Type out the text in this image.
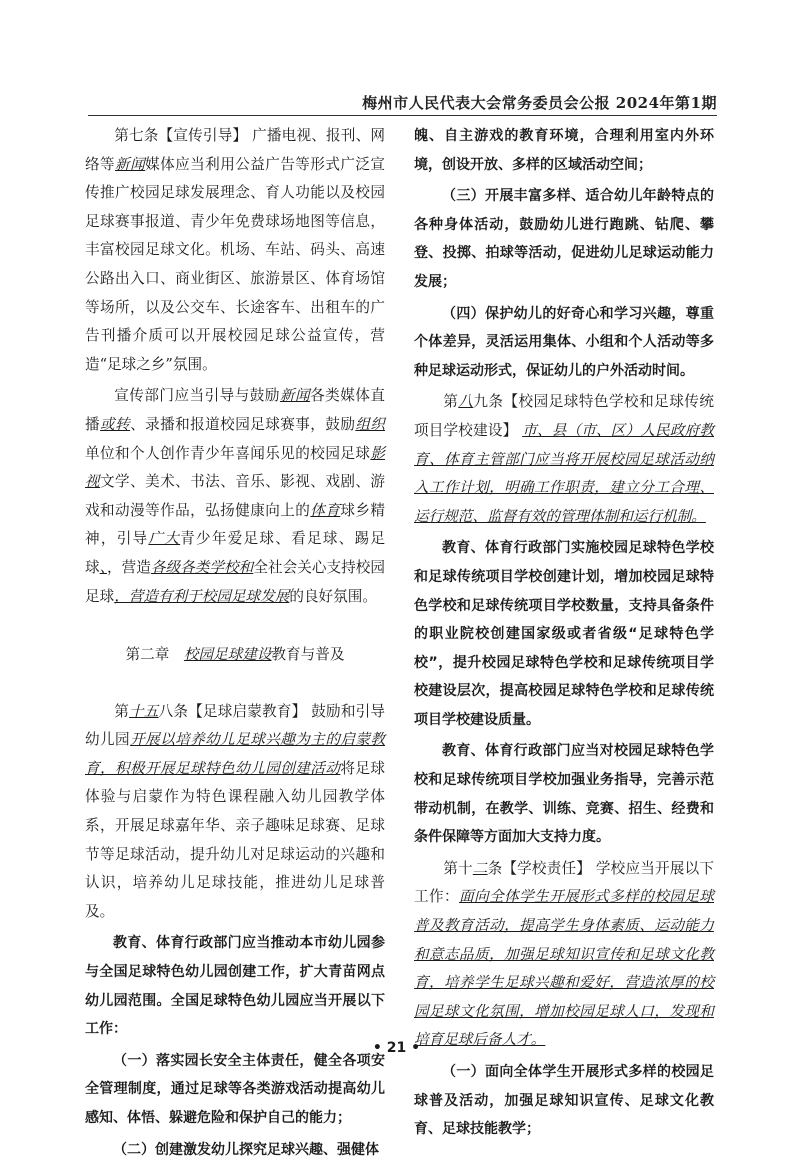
梅州市人民代表大会常务委员会公报 2024年第1期

第七条【宣传引导】 广播电视、报刊、网络等新闻媒体应当利用公益广告等形式广泛宣传推广校园足球发展理念、育人功能以及校园足球赛事报道、青少年免费球场地图等信息，丰富校园足球文化。机场、车站、码头、高速公路出入口、商业街区、旅游景区、体育场馆等场所，以及公交车、长途客车、出租车的广告刊播介质可以开展校园足球公益宣传，营造“足球之乡”氛围。

宣传部门应当引导与鼓励新闻各类媒体直播或转、录播和报道校园足球赛事，鼓励组织单位和个人创作青少年喜闻乐见的校园足球影视文学、美术、书法、音乐、影视、戏剧、游戏和动漫等作品，弘扬健康向上的体育球乡精神，引导广大青少年爱足球、看足球、踢足球、，营造各级各类学校和全社会关心支持校园足球，营造有利于校园足球发展的良好氛围。

第二章　校园足球建设教育与普及

第十五八条【足球启蒙教育】 鼓励和引导幼儿园开展以培养幼儿足球兴趣为主的启蒙教育，积极开展足球特色幼儿园创建活动将足球体验与启蒙作为特色课程融入幼儿园教学体系，开展足球嘉年华、亲子趣味足球赛、足球节等足球活动，提升幼儿对足球运动的兴趣和认识，培养幼儿足球技能，推进幼儿足球普及。

教育、体育行政部门应当推动本市幼儿园参与全国足球特色幼儿园创建工作，扩大青苗网点幼儿园范围。全国足球特色幼儿园应当开展以下工作：

（一）落实园长安全主体责任，健全各项安全管理制度，通过足球等各类游戏活动提高幼儿感知、体悟、躲避危险和保护自己的能力；

（二）创建激发幼儿探究足球兴趣、强健体

魄、自主游戏的教育环境，合理利用室内外环境，创设开放、多样的区域活动空间；

（三）开展丰富多样、适合幼儿年龄特点的各种身体活动，鼓励幼儿进行跑跳、钻爬、攀登、投掷、拍球等活动，促进幼儿足球运动能力发展；

（四）保护幼儿的好奇心和学习兴趣，尊重个体差异，灵活运用集体、小组和个人活动等多种足球运动形式，保证幼儿的户外活动时间。

第八九条【校园足球特色学校和足球传统项目学校建设】 市、县（市、区）人民政府教育、体育主管部门应当将开展校园足球活动纳入工作计划，明确工作职责，建立分工合理、运行规范、监督有效的管理体制和运行机制。

教育、体育行政部门实施校园足球特色学校和足球传统项目学校创建计划，增加校园足球特色学校和足球传统项目学校数量，支持具备条件的职业院校创建国家级或者省级“足球特色学校”，提升校园足球特色学校和足球传统项目学校建设层次，提高校园足球特色学校和足球传统项目学校建设质量。

教育、体育行政部门应当对校园足球特色学校和足球传统项目学校加强业务指导，完善示范带动机制，在教学、训练、竞赛、招生、经费和条件保障等方面加大支持力度。

第十二条【学校责任】 学校应当开展以下工作：面向全体学生开展形式多样的校园足球普及教育活动，提高学生身体素质、运动能力和意志品质，加强足球知识宣传和足球文化教育，培养学生足球兴趣和爱好，营造浓厚的校园足球文化氛围，增加校园足球人口，发现和培育足球后备人才。

（一）面向全体学生开展形式多样的校园足球普及活动，加强足球知识宣传、足球文化教育、足球技能教学；

• 21 •
